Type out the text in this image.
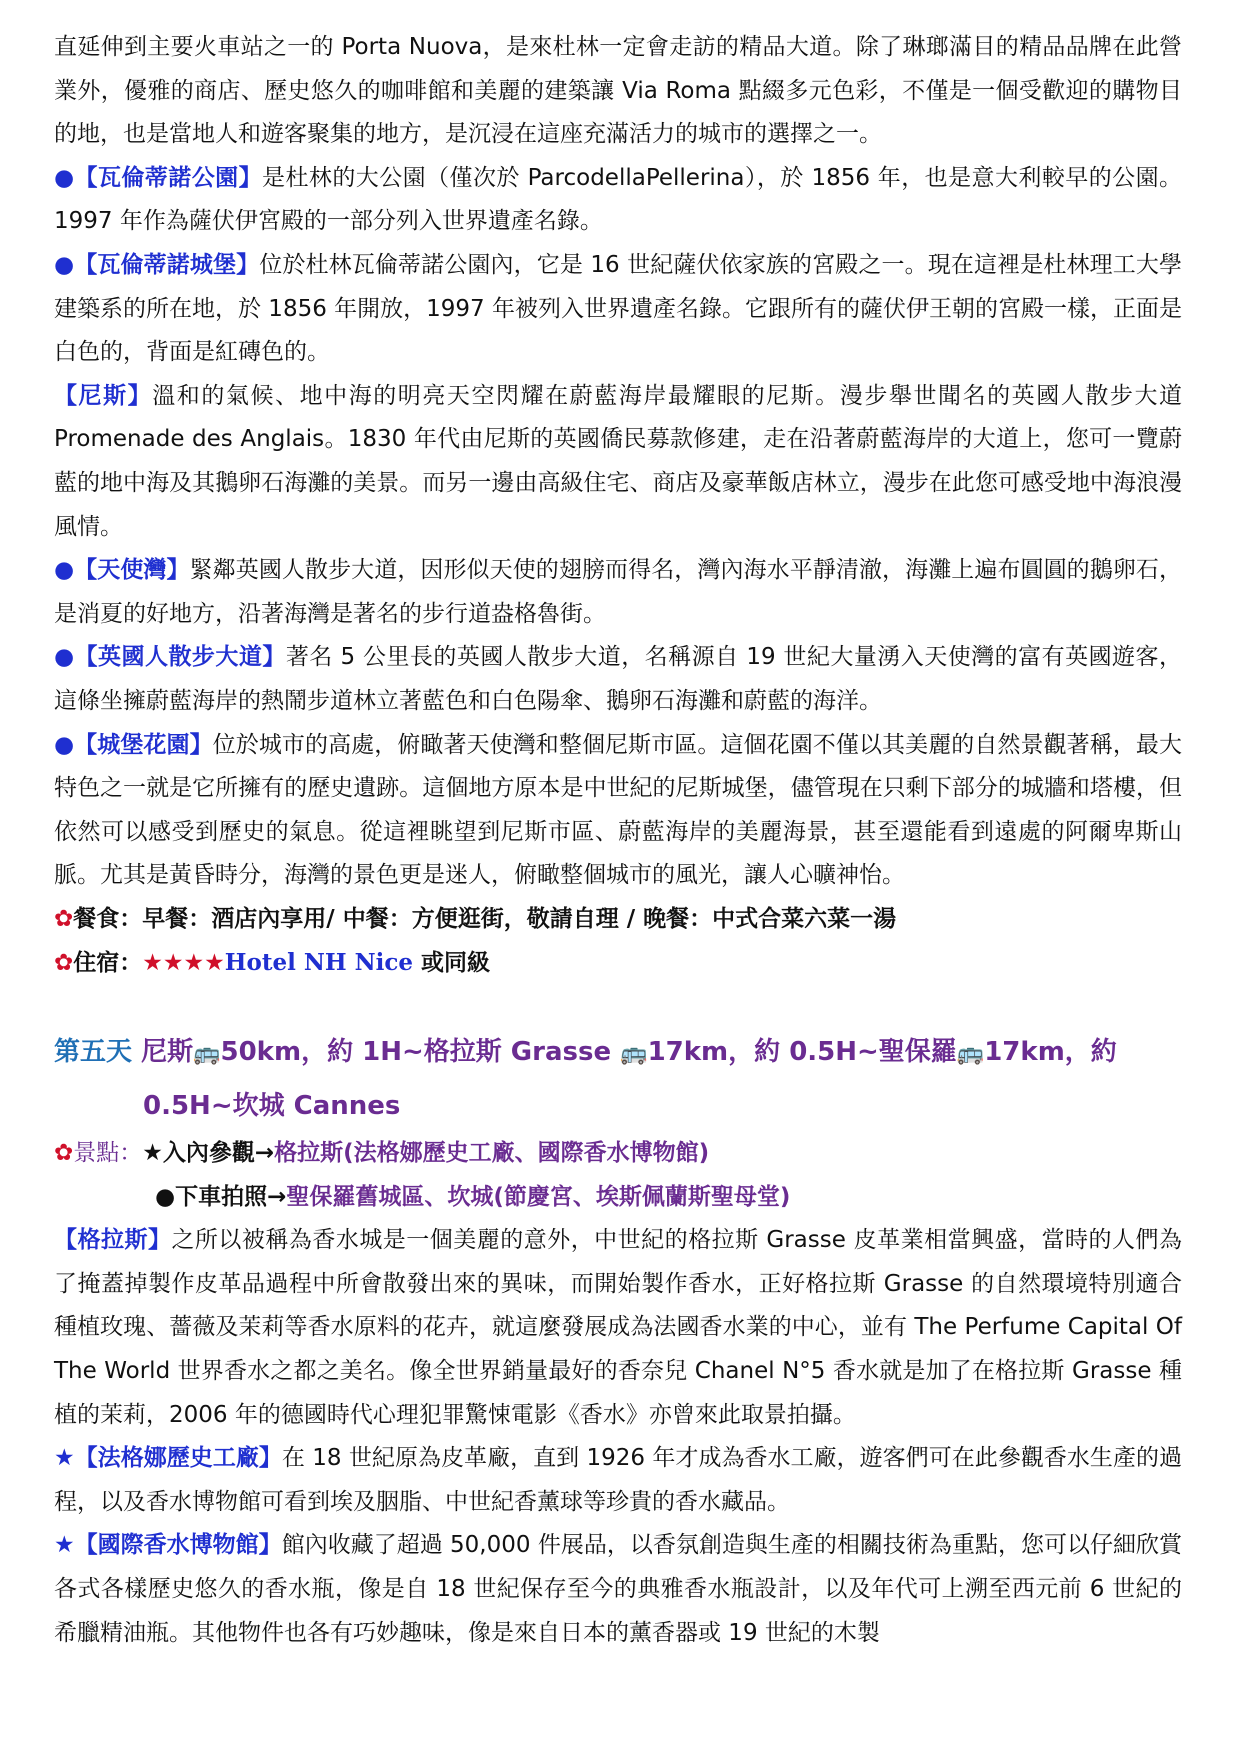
直延伸到主要火車站之一的 Porta Nuova，是來杜林一定會走訪的精品大道。除了琳瑯滿目的精品品牌在此營業外，優雅的商店、歷史悠久的咖啡館和美麗的建築讓 Via Roma 點綴多元色彩，不僅是一個受歡迎的購物目的地，也是當地人和遊客聚集的地方，是沉浸在這座充滿活力的城市的選擇之一。

●【瓦倫蒂諾公園】是杜林的大公園（僅次於 ParcodellaPellerina），於 1856 年，也是意大利較早的公園。1997 年作為薩伏伊宮殿的一部分列入世界遺產名錄。
●【瓦倫蒂諾城堡】位於杜林瓦倫蒂諾公園內，它是 16 世紀薩伏依家族的宮殿之一。現在這裡是杜林理工大學建築系的所在地，於 1856 年開放，1997 年被列入世界遺產名錄。它跟所有的薩伏伊王朝的宮殿一樣，正面是白色的，背面是紅磚色的。
【尼斯】溫和的氣候、地中海的明亮天空閃耀在蔚藍海岸最耀眼的尼斯。漫步舉世聞名的英國人散步大道 Promenade des Anglais。1830 年代由尼斯的英國僑民募款修建，走在沿著蔚藍海岸的大道上，您可一覽蔚藍的地中海及其鵝卵石海灘的美景。而另一邊由高級住宅、商店及豪華飯店林立，漫步在此您可感受地中海浪漫風情。
●【天使灣】緊鄰英國人散步大道，因形似天使的翅膀而得名，灣內海水平靜清澈，海灘上遍布圓圓的鵝卵石，是消夏的好地方，沿著海灣是著名的步行道盎格魯街。
●【英國人散步大道】著名 5 公里長的英國人散步大道，名稱源自 19 世紀大量湧入天使灣的富有英國遊客，這條坐擁蔚藍海岸的熱鬧步道林立著藍色和白色陽傘、鵝卵石海灘和蔚藍的海洋。
●【城堡花園】位於城市的高處，俯瞰著天使灣和整個尼斯市區。這個花園不僅以其美麗的自然景觀著稱，最大特色之一就是它所擁有的歷史遺跡。這個地方原本是中世紀的尼斯城堡，儘管現在只剩下部分的城牆和塔樓，但依然可以感受到歷史的氣息。從這裡眺望到尼斯市區、蔚藍海岸的美麗海景，甚至還能看到遠處的阿爾卑斯山脈。尤其是黃昏時分，海灣的景色更是迷人，俯瞰整個城市的風光，讓人心曠神怡。
✿餐食：早餐：酒店內享用/ 中餐：方便逛街，敬請自理 / 晚餐：中式合菜六菜一湯
✿住宿：★★★★Hotel NH Nice 或同級
第五天 尼斯🚌50km，約 1H~格拉斯 Grasse 🚌17km，約 0.5H~聖保羅🚌17km，約
0.5H~坎城 Cannes
✿景點：★入內參觀→格拉斯(法格娜歷史工廠、國際香水博物館)
●下車拍照→聖保羅舊城區、坎城(節慶宮、埃斯佩蘭斯聖母堂)
【格拉斯】之所以被稱為香水城是一個美麗的意外，中世紀的格拉斯 Grasse 皮革業相當興盛，當時的人們為了掩蓋掉製作皮革品過程中所會散發出來的異味，而開始製作香水，正好格拉斯 Grasse 的自然環境特別適合種植玫瑰、薔薇及茉莉等香水原料的花卉，就這麼發展成為法國香水業的中心，並有 The Perfume Capital Of The World 世界香水之都之美名。像全世界銷量最好的香奈兒 Chanel N°5 香水就是加了在格拉斯 Grasse 種植的茉莉，2006 年的德國時代心理犯罪驚悚電影《香水》亦曾來此取景拍攝。
★【法格娜歷史工廠】在 18 世紀原為皮革廠，直到 1926 年才成為香水工廠，遊客們可在此參觀香水生產的過程，以及香水博物館可看到埃及胭脂、中世紀香薰球等珍貴的香水藏品。
★【國際香水博物館】館內收藏了超過 50,000 件展品，以香氛創造與生產的相關技術為重點，您可以仔細欣賞各式各樣歷史悠久的香水瓶，像是自 18 世紀保存至今的典雅香水瓶設計，以及年代可上溯至西元前 6 世紀的希臘精油瓶。其他物件也各有巧妙趣味，像是來自日本的薰香器或 19 世紀的木製
